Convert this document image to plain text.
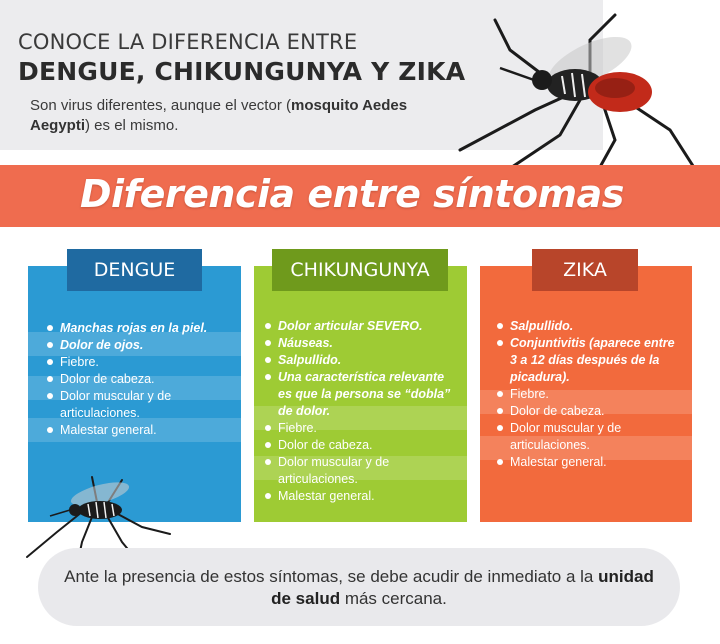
CONOCE LA DIFERENCIA ENTRE
DENGUE, CHIKUNGUNYA Y ZIKA
Son virus diferentes, aunque el vector (mosquito Aedes Aegypti) es el mismo.
Diferencia entre síntomas
Manchas rojas en la piel.
Dolor de ojos.
Fiebre.
Dolor de cabeza.
Dolor muscular y de articulaciones.
Malestar general.
DENGUE
Dolor articular SEVERO.
Náuseas.
Salpullido.
Una característica relevante es que la persona se “dobla” de dolor.
Fiebre.
Dolor de cabeza.
Dolor muscular y de articulaciones.
Malestar general.
CHIKUNGUNYA
Salpullido.
Conjuntivitis (aparece entre 3 a 12 días después de la picadura).
Fiebre.
Dolor de cabeza.
Dolor muscular y de articulaciones.
Malestar general.
ZIKA
Ante la presencia de estos síntomas, se debe acudir de inmediato a la unidad de salud más cercana.
